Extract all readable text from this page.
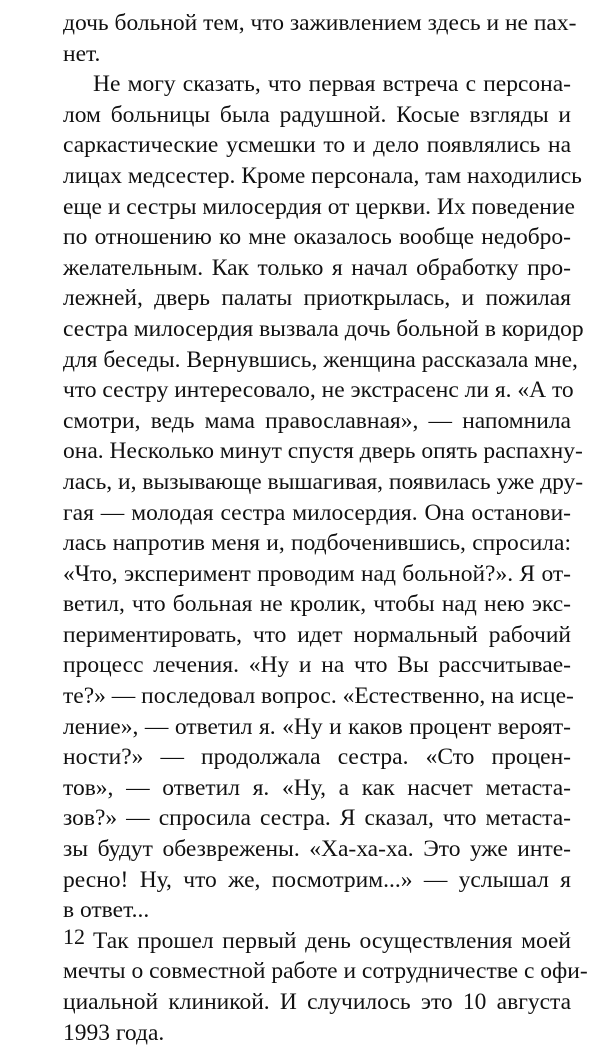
дочь больной тем, что заживлением здесь и не пах-
нет.
Не могу сказать, что первая встреча с персона-
лом больницы была радушной. Косые взгляды и
саркастические усмешки то и дело появлялись на
лицах медсестер. Кроме персонала, там находились
еще и сестры милосердия от церкви. Их поведение
по отношению ко мне оказалось вообще недобро-
желательным. Как только я начал обработку про-
лежней, дверь палаты приоткрылась, и пожилая
сестра милосердия вызвала дочь больной в коридор
для беседы. Вернувшись, женщина рассказала мне,
что сестру интересовало, не экстрасенс ли я. «А то
смотри, ведь мама православная», — напомнила
она. Несколько минут спустя дверь опять распахну-
лась, и, вызывающе вышагивая, появилась уже дру-
гая — молодая сестра милосердия. Она останови-
лась напротив меня и, подбоченившись, спросила:
«Что, эксперимент проводим над больной?». Я от-
ветил, что больная не кролик, чтобы над нею экс-
периментировать, что идет нормальный рабочий
процесс лечения. «Ну и на что Вы рассчитывае-
те?» — последовал вопрос. «Естественно, на исце-
ление», — ответил я. «Ну и каков процент вероят-
ности?» — продолжала сестра. «Сто процен-
тов», — ответил я. «Ну, а как насчет метаста-
зов?» — спросила сестра. Я сказал, что метаста-
зы будут обезврежены. «Ха-ха-ха. Это уже инте-
ресно! Ну, что же, посмотрим...» — услышал я
в ответ...
Так прошел первый день осуществления моей
мечты о совместной работе и сотрудничестве с офи-
циальной клиникой. И случилось это 10 августа
1993 года.
12
